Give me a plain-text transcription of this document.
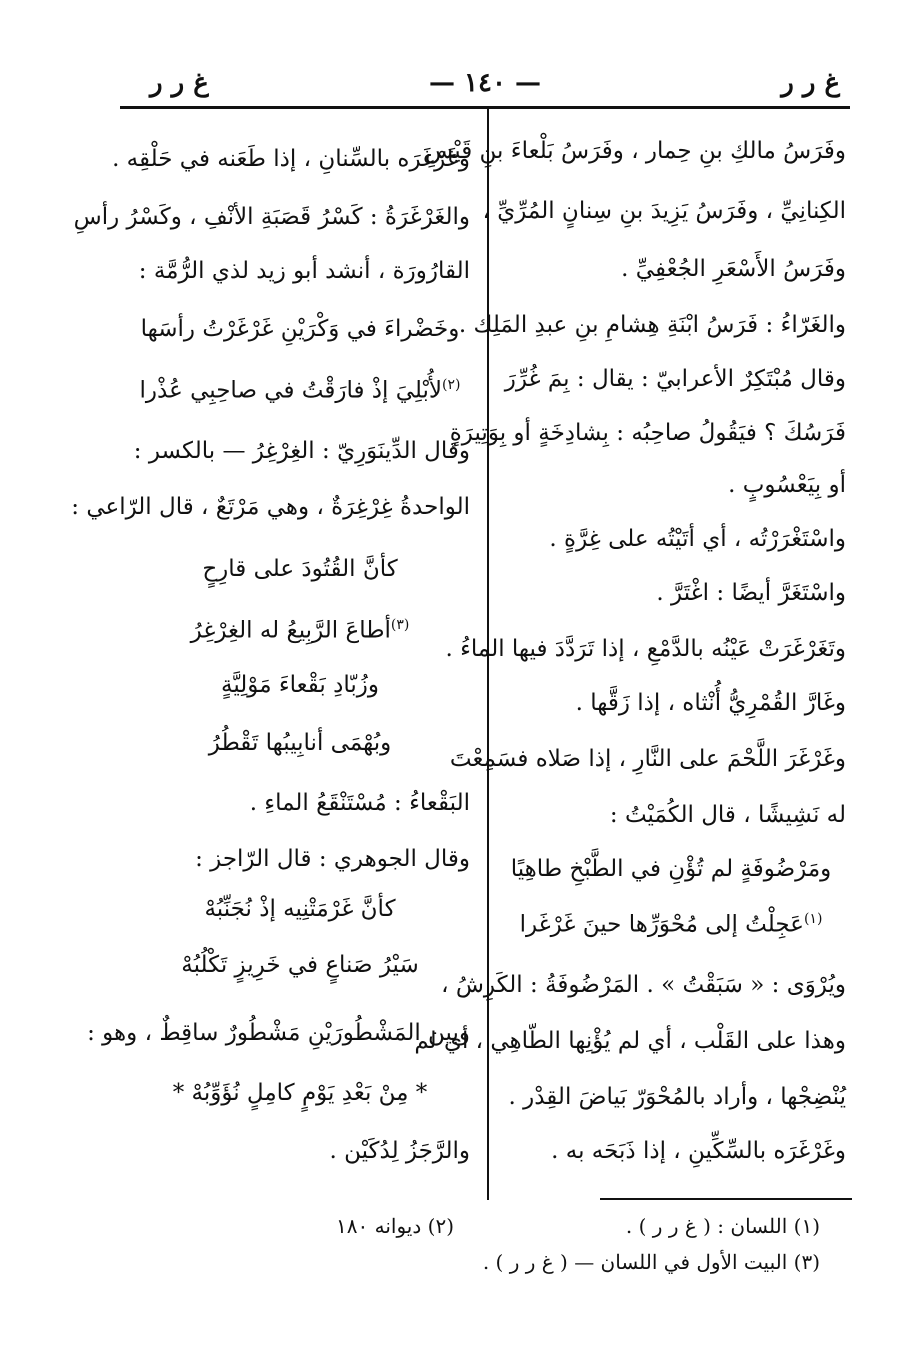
غ ر ر
— ١٤٠ —
غ ر ر
وفَرَسُ مالكِ بنِ حِمار ، وفَرَسُ بَلْعاءَ بنِ قَيْسِ
الكِنانِيِّ ، وفَرَسُ يَزِيدَ بنِ سِنانٍ المُرِّيِّ ،
وفَرَسُ الأَسْعَرِ الجُعْفِيِّ .
والغَرّاءُ : فَرَسُ ابْنَةِ هِشامِ بنِ عبدِ المَلِك .
وقال مُبْتَكِرٌ الأعرابيّ : يقال : بِمَ غُرِّرَ
فَرَسُكَ ؟ فيَقُولُ صاحِبُه : بِشادِخَةٍ أو بِوَتِيرَةٍ
أو بِيَعْسُوبٍ .
واسْتَغْرَرْتُه ، أي أتَيْتُه على غِرَّةٍ .
واسْتَغَرَّ أيضًا : اغْتَرَّ .
وتَغَرْغَرَتْ عَيْنُه بالدَّمْعِ ، إذا تَرَدَّدَ فيها الماءُ .
وغَارَّ القُمْرِيُّ أُنْثاه ، إذا زَقَّها .
وغَرْغَرَ اللَّحْمَ على النَّارِ ، إذا صَلاه فسَمِعْتَ
له نَشِيشًا ، قال الكُمَيْتُ :
ومَرْضُوفَةٍ لم تُؤْنِ في الطَّبْخِ طاهِيًا
$^{(١)}$عَجِلْتُ إلى مُحْوَرِّها حينَ غَرْغَرا
ويُرْوَى : « سَبَقْتُ » . المَرْضُوفَةُ : الكَرِشُ ،
وهذا على القَلْب ، أي لم يُؤْنِها الطّاهِي ، أي لم
يُنْضِجْها ، وأراد بالمُحْوَرّ بَياضَ القِدْر .
وغَرْغَرَه بالسِّكِّينِ ، إذا ذَبَحَه به .
وغَرْغَرَه بالسِّنانِ ، إذا طَعَنه في حَلْقِه .
والغَرْغَرَةُ : كَسْرُ قَصَبَةِ الأنْفِ ، وكَسْرُ رأسِ
القارُورَة ، أنشد أبو زيد لذي الرُّمَّة :
وخَضْراءَ في وَكْرَيْنِ غَرْغَرْتُ رأسَها
$^{(٢)}$لأُبْلِيَ إذْ فارَقْتُ في صاحِبِي عُذْرا
وقال الدِّينَوَرِيّ : الغِرْغِرُ — بالكسر :
الواحدةُ غِرْغِرَةٌ ، وهي مَرْتَعٌ ، قال الرّاعي :
كأنَّ القُتُودَ على قارِحٍ
$^{(٣)}$أطاعَ الرَّبِيعُ له الغِرْغِرُ
وزُبّادِ بَقْعاءَ مَوْلِيَّةٍ
وبُهْمَى أنابِيبُها تَقْطُرُ
البَقْعاءُ : مُسْتَنْقَعُ الماءِ .
وقال الجوهري : قال الرّاجز :
كأنَّ غَرْمَتْنِيه إذْ نُجَنِّبُهْ
سَيْرُ صَناعٍ في خَرِيزٍ تَكْلُبُهْ
وبين المَشْطُورَيْنِ مَشْطُورٌ ساقِطٌ ، وهو :
* مِنْ بَعْدِ يَوْمٍ كامِلٍ نُؤَوِّبُهْ *
والرَّجَزُ لِدُكَيْن .
(١) اللسان : ( غ ر ر ) .
(٣) البيت الأول في اللسان — ( غ ر ر ) .
(٢) ديوانه ١٨٠
